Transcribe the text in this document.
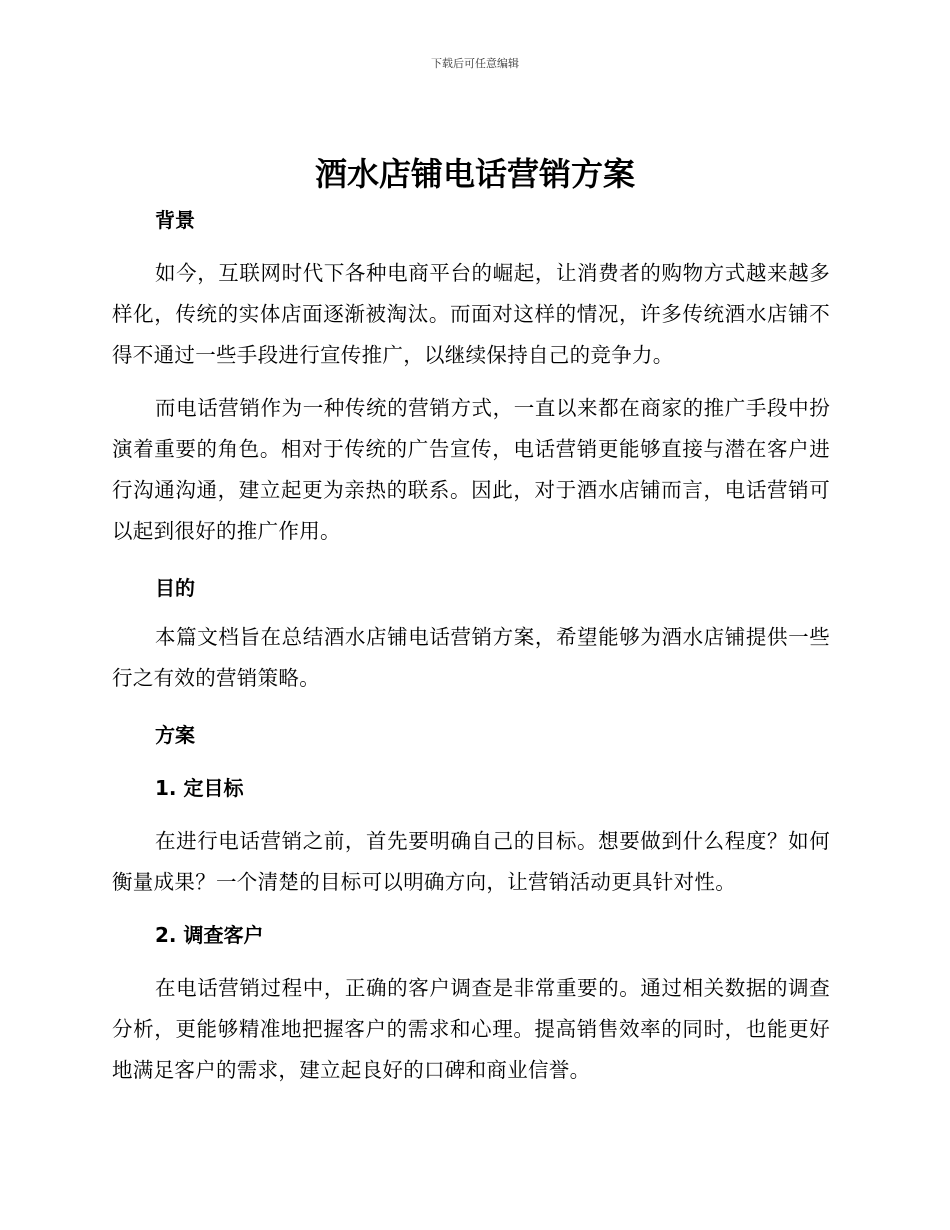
下载后可任意编辑
酒水店铺电话营销方案

背景

如今，互联网时代下各种电商平台的崛起，让消费者的购物方式越来越多样化，传统的实体店面逐渐被淘汰。而面对这样的情况，许多传统酒水店铺不得不通过一些手段进行宣传推广，以继续保持自己的竞争力。

而电话营销作为一种传统的营销方式，一直以来都在商家的推广手段中扮演着重要的角色。相对于传统的广告宣传，电话营销更能够直接与潜在客户进行沟通沟通，建立起更为亲热的联系。因此，对于酒水店铺而言，电话营销可以起到很好的推广作用。

目的

本篇文档旨在总结酒水店铺电话营销方案，希望能够为酒水店铺提供一些行之有效的营销策略。

方案

1. 定目标

在进行电话营销之前，首先要明确自己的目标。想要做到什么程度？如何衡量成果？一个清楚的目标可以明确方向，让营销活动更具针对性。

2. 调查客户

在电话营销过程中，正确的客户调查是非常重要的。通过相关数据的调查分析，更能够精准地把握客户的需求和心理。提高销售效率的同时，也能更好地满足客户的需求，建立起良好的口碑和商业信誉。
